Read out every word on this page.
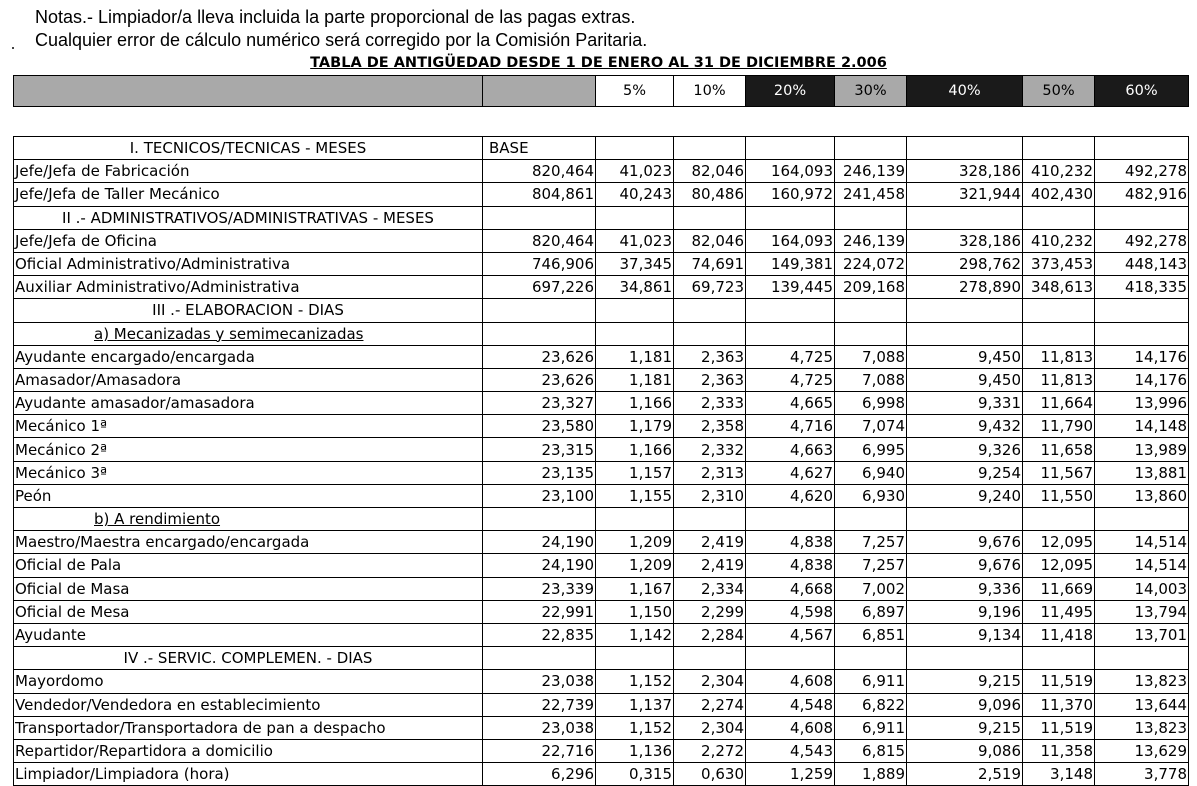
Notas.- Limpiador/a lleva incluida la parte proporcional de las pagas extras.
Cualquier error de cálculo numérico será corregido por la Comisión Paritaria.
TABLA DE ANTIGÜEDAD DESDE 1 DE ENERO AL 31 DE DICIEMBRE 2.006
		5%	10%	20%	30%	40%	50%	60%

I. TECNICOS/TECNICAS - MESES	BASE							
Jefe/Jefa de Fabricación	820,464	41,023	82,046	164,093	246,139	328,186	410,232	492,278
Jefe/Jefa de Taller Mecánico	804,861	40,243	80,486	160,972	241,458	321,944	402,430	482,916
II .- ADMINISTRATIVOS/ADMINISTRATIVAS - MESES								
Jefe/Jefa de Oficina	820,464	41,023	82,046	164,093	246,139	328,186	410,232	492,278
Oficial Administrativo/Administrativa	746,906	37,345	74,691	149,381	224,072	298,762	373,453	448,143
Auxiliar Administrativo/Administrativa	697,226	34,861	69,723	139,445	209,168	278,890	348,613	418,335
III .- ELABORACION - DIAS								
a) Mecanizadas y semimecanizadas								
Ayudante encargado/encargada	23,626	1,181	2,363	4,725	7,088	9,450	11,813	14,176
Amasador/Amasadora	23,626	1,181	2,363	4,725	7,088	9,450	11,813	14,176
Ayudante amasador/amasadora	23,327	1,166	2,333	4,665	6,998	9,331	11,664	13,996
Mecánico 1ª	23,580	1,179	2,358	4,716	7,074	9,432	11,790	14,148
Mecánico 2ª	23,315	1,166	2,332	4,663	6,995	9,326	11,658	13,989
Mecánico 3ª	23,135	1,157	2,313	4,627	6,940	9,254	11,567	13,881
Peón	23,100	1,155	2,310	4,620	6,930	9,240	11,550	13,860
b) A rendimiento								
Maestro/Maestra encargado/encargada	24,190	1,209	2,419	4,838	7,257	9,676	12,095	14,514
Oficial de Pala	24,190	1,209	2,419	4,838	7,257	9,676	12,095	14,514
Oficial de Masa	23,339	1,167	2,334	4,668	7,002	9,336	11,669	14,003
Oficial de Mesa	22,991	1,150	2,299	4,598	6,897	9,196	11,495	13,794
Ayudante	22,835	1,142	2,284	4,567	6,851	9,134	11,418	13,701
IV .- SERVIC. COMPLEMEN. - DIAS								
Mayordomo	23,038	1,152	2,304	4,608	6,911	9,215	11,519	13,823
Vendedor/Vendedora en establecimiento	22,739	1,137	2,274	4,548	6,822	9,096	11,370	13,644
Transportador/Transportadora de pan a despacho	23,038	1,152	2,304	4,608	6,911	9,215	11,519	13,823
Repartidor/Repartidora a domicilio	22,716	1,136	2,272	4,543	6,815	9,086	11,358	13,629
Limpiador/Limpiadora (hora)	6,296	0,315	0,630	1,259	1,889	2,519	3,148	3,778
